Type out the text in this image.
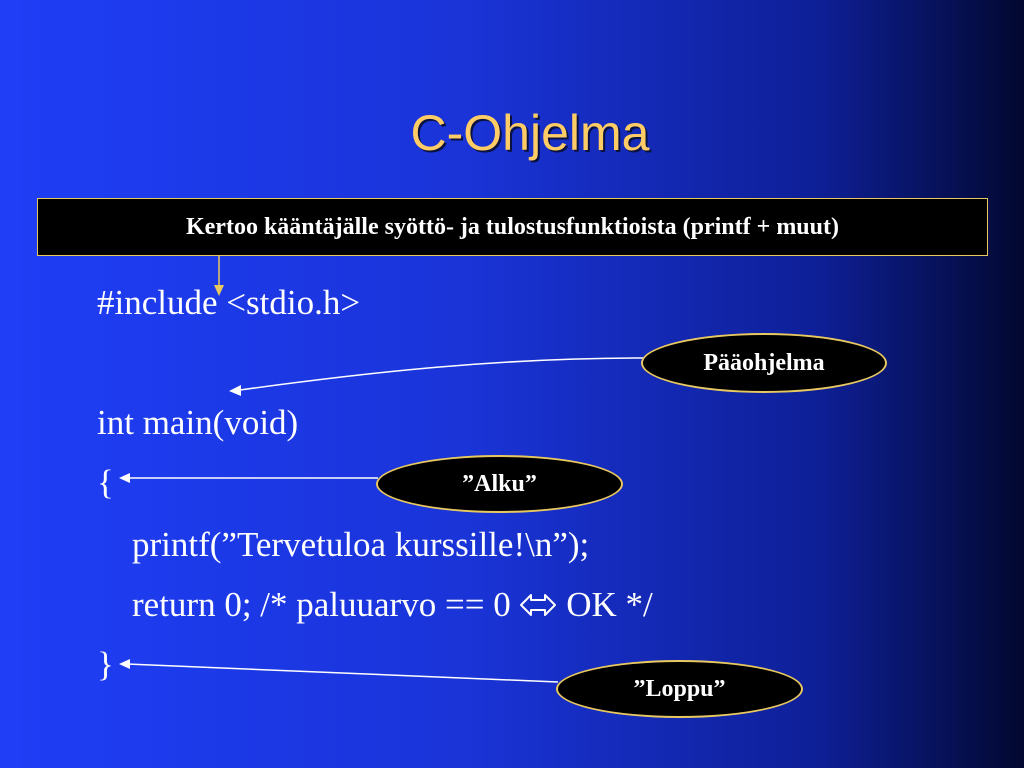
C-Ohjelma
Kertoo kääntäjälle syöttö- ja tulostusfunktioista (printf + muut)
#include <stdio.h>
int main(void)
{
printf(”Tervetuloa kurssille!\n”);
return 0; /* paluuarvo == 0  OK */
}
Pääohjelma
”Alku”
”Loppu”
